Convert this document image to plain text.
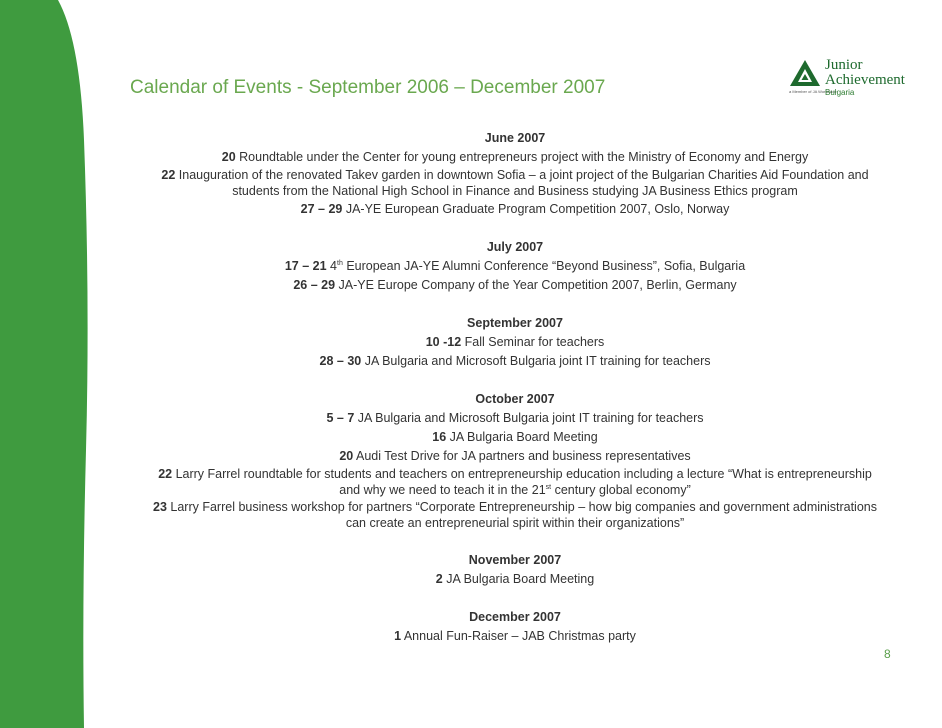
Calendar of Events - September 2006 – December 2007
Junior
Achievement
a Member of JA Worldwide
Bulgaria
June 2007
20 Roundtable under the Center for young entrepreneurs project with the Ministry of Economy and Energy
22 Inauguration of the renovated Takev garden in downtown Sofia – a joint project of the Bulgarian Charities Aid Foundation and
students from the National High School in Finance and Business studying JA Business Ethics program
27 – 29 JA-YE European Graduate Program Competition 2007, Oslo, Norway
July 2007
17 – 21 4th European JA-YE Alumni Conference “Beyond Business”, Sofia, Bulgaria
26 – 29 JA-YE Europe Company of the Year Competition 2007, Berlin, Germany
September 2007
10 -12 Fall Seminar for teachers
28 – 30 JA Bulgaria and Microsoft Bulgaria joint IT training for teachers
October 2007
5 – 7 JA Bulgaria and Microsoft Bulgaria joint IT training for teachers
16 JA Bulgaria Board Meeting
20 Audi Test Drive for JA partners and business representatives
22 Larry Farrel roundtable for students and teachers on entrepreneurship education including a lecture “What is entrepreneurship
and why we need to teach it in the 21st century global economy”
23 Larry Farrel business workshop for partners “Corporate Entrepreneurship – how big companies and government administrations
can create an entrepreneurial spirit within their organizations”
November 2007
2 JA Bulgaria Board Meeting
December 2007
1 Annual Fun-Raiser – JAB Christmas party
8
